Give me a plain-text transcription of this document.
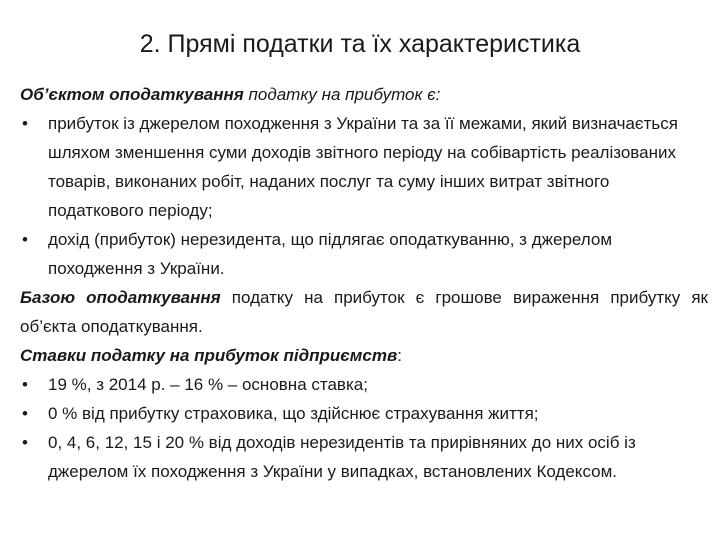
2. Прямі податки та їх характеристика

Об’єктом оподаткування податку на прибуток є:

• прибуток із джерелом походження з України та за її межами, який визначається шляхом зменшення суми доходів звітного періоду на собівартість реалізованих товарів, виконаних робіт, наданих послуг та суму інших витрат звітного податкового періоду;

• дохід (прибуток) нерезидента, що підлягає оподаткуванню, з джерелом походження з України.

Базою оподаткування податку на прибуток є грошове вираження прибутку як об’єкта оподаткування.

Ставки податку на прибуток підприємств:

• 19 %, з 2014 р. – 16 % – основна ставка;

• 0 % від прибутку страховика, що здійснює страхування життя;

• 0, 4, 6, 12, 15 і 20 % від доходів нерезидентів та прирівняних до них осіб із джерелом їх походження з України у випадках, встановлених Кодексом.
